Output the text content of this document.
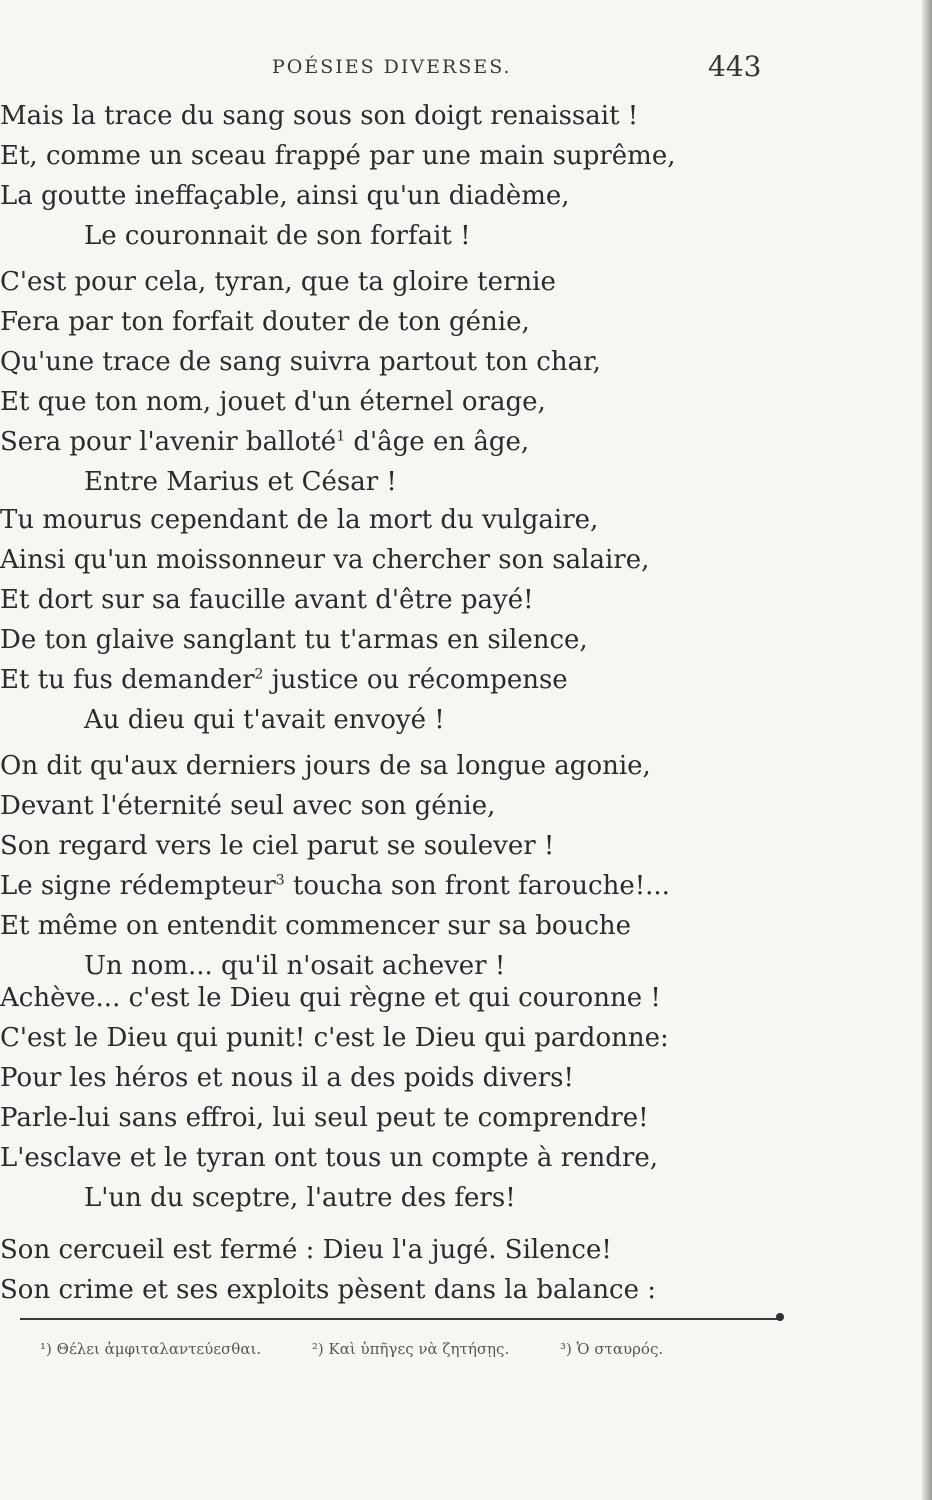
POÉSIES DIVERSES.	443
Mais la trace du sang sous son doigt renaissait !
Et, comme un sceau frappé par une main suprême,
La goutte ineffaçable, ainsi qu'un diadème,
Le couronnait de son forfait !
C'est pour cela, tyran, que ta gloire ternie
Fera par ton forfait douter de ton génie,
Qu'une trace de sang suivra partout ton char,
Et que ton nom, jouet d'un éternel orage,
Sera pour l'avenir balloté$^1$ d'âge en âge,
Entre Marius et César !
Tu mourus cependant de la mort du vulgaire,
Ainsi qu'un moissonneur va chercher son salaire,
Et dort sur sa faucille avant d'être payé!
De ton glaive sanglant tu t'armas en silence,
Et tu fus demander$^2$ justice ou récompense
Au dieu qui t'avait envoyé !
On dit qu'aux derniers jours de sa longue agonie,
Devant l'éternité seul avec son génie,
Son regard vers le ciel parut se soulever !
Le signe rédempteur$^3$ toucha son front farouche!...
Et même on entendit commencer sur sa bouche
Un nom... qu'il n'osait achever !
Achève... c'est le Dieu qui règne et qui couronne !
C'est le Dieu qui punit! c'est le Dieu qui pardonne:
Pour les héros et nous il a des poids divers!
Parle-lui sans effroi, lui seul peut te comprendre!
L'esclave et le tyran ont tous un compte à rendre,
L'un du sceptre, l'autre des fers!
Son cercueil est fermé : Dieu l'a jugé. Silence!
Son crime et ses exploits pèsent dans la balance :
¹) Θέλει ἀμφιταλαντεύεσθαι.	²) Καὶ ὑπῆγες νὰ ζητήσῃς.	³) Ὁ σταυρός.
